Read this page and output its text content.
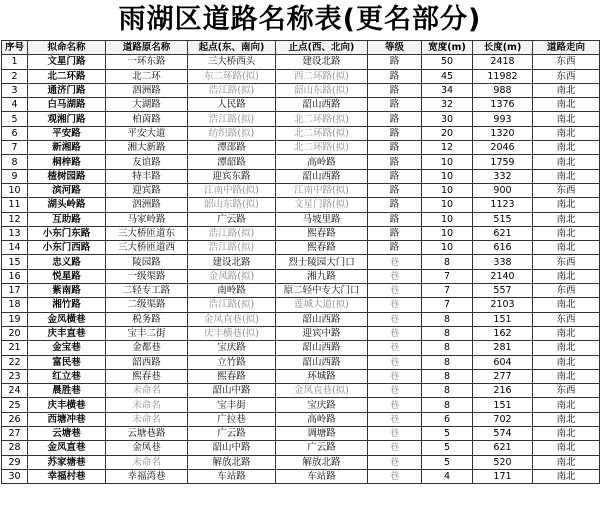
雨湖区道路名称表(更名部分)
序号	拟命名称	道路原名称	起点(东、南向)	止点(西、北向)	等级	宽度(m)	长度(m)	道路走向
1	文星门路	一环东路	三大桥西头	建设北路	路	50	2418	东西
2	北二环路	北二环	东二环路(拟)	西二环路(拟)	路	45	11982	东西
3	通济门路	泗洲路	浩江路(拟)	韶山东路(拟)	路	34	988	南北
4	白马湖路	大湖路	人民路	韶山西路	路	32	1376	南北
5	观湘门路	柏茵路	浩江路(拟)	北二环路(拟)	路	30	993	南北
6	平安路	平安大道	纺织路(拟)	北二环路(拟)	路	20	1320	南北
7	新湘路	湘大新路	潭邵路	北二环路(拟)	路	12	2046	南北
8	桐梓路	友谊路	潭韶路	高岭路	路	10	1759	南北
9	楂树园路	特丰路	迎宾东路	韶山西路	路	10	332	南北
10	滨河路	迎宾路	江南中路(拟)	江南中路(拟)	路	10	900	东西
11	湖头岭路	泗洲路	韶山东路(拟)	文星门路(拟)	路	10	1123	南北
12	互助路	马家岭路	广云路	马坡里路	路	10	515	南北
13	小东门东路	三大桥匝道东	浩江路(拟)	熙春路	路	10	621	南北
14	小东门西路	三大桥匝道西	浩江路(拟)	熙春路	路	10	616	南北
15	忠义路	陵园路	建设北路	烈士陵园大门口	巷	8	338	东西
16	悦星路	一级渠路	金凤路(拟)	湘九路	巷	7	2140	南北
17	紫南路	二轻专工路	南岭路	原二轻中专大门口	巷	7	557	东西
18	湘竹路	二级渠路	浩江路(拟)	莲城大道(拟)	巷	7	2103	南北
19	金凤横巷	税务路	金凤直巷(拟)	韶山西路	巷	8	151	东西
20	庆丰直巷	宝丰二街	庆丰横巷(拟)	迎宾中路	巷	8	162	南北
21	金宝巷	金都巷	宝庆路	韶山西路	巷	8	281	南北
22	富民巷	韶西路	立竹路	韶山西路	巷	8	604	南北
23	红立巷	熙春巷	熙春路	环城路	巷	8	277	南北
24	晨胜巷	未命名	韶山中路	金凤直巷(拟)	巷	8	216	东西
25	庆丰横巷	未命名	宝丰街	宝庆路	巷	8	151	南北
26	西塘冲巷	未命名	广拉巷	高岭路	巷	6	702	南北
27	云塘巷	云塘巷路	广云路	调塘路	巷	5	574	南北
28	金凤直巷	金凤巷	韶山中路	广云路	巷	5	621	南北
29	苏家塘巷	未命名	解放北路	解放北路	巷	5	520	南北
30	幸福村巷	幸福湾巷	车站路	车站路	巷	4	171	南北
